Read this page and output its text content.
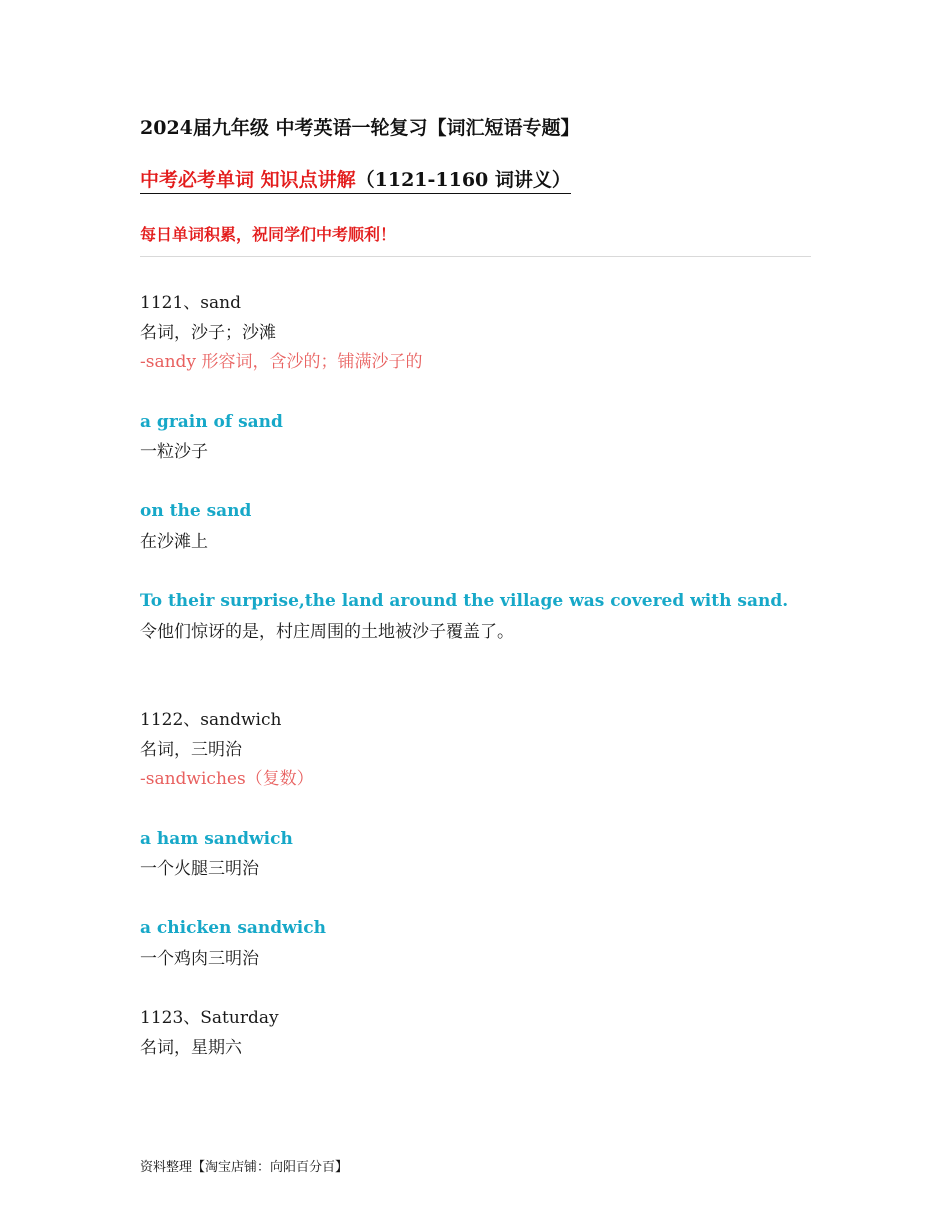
2024届九年级 中考英语一轮复习【词汇短语专题】
中考必考单词 知识点讲解（1121-1160 词讲义）
每日单词积累，祝同学们中考顺利！
1121、sand
名词，沙子；沙滩
-sandy 形容词，含沙的；铺满沙子的
a grain of sand
一粒沙子
on the sand
在沙滩上
To their surprise,the land around the village was covered with sand.
令他们惊讶的是，村庄周围的土地被沙子覆盖了。
1122、sandwich
名词，三明治
-sandwiches（复数）
a ham sandwich
一个火腿三明治
a chicken sandwich
一个鸡肉三明治
1123、Saturday
名词，星期六
资料整理【淘宝店铺：向阳百分百】
